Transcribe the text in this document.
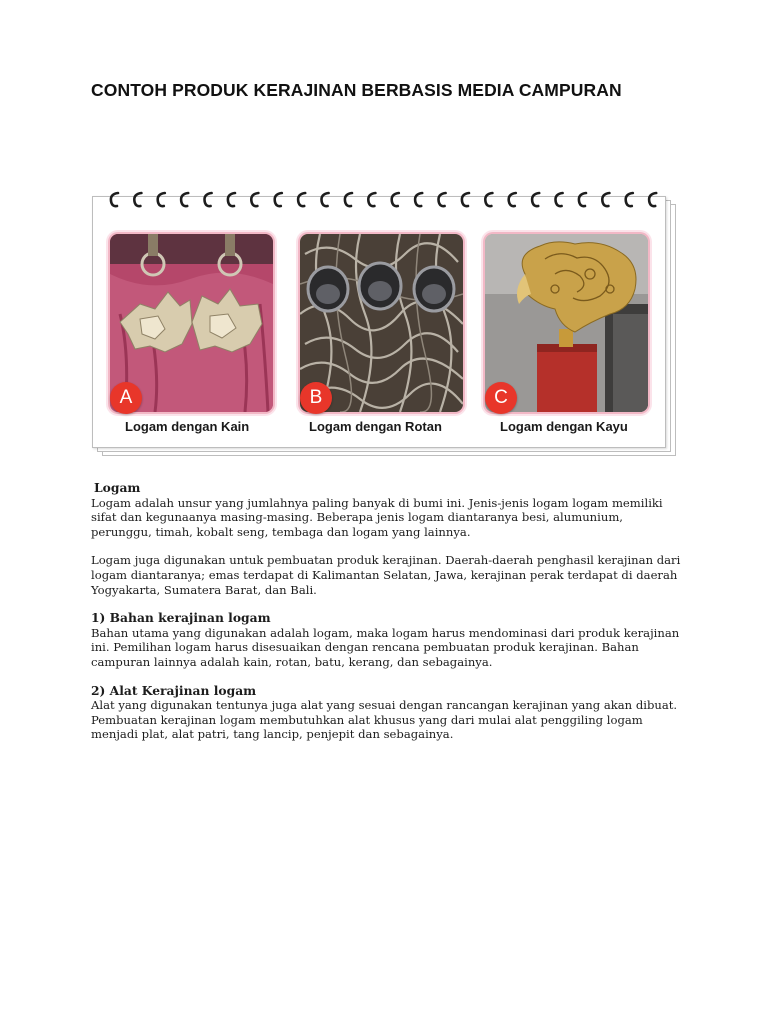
CONTOH PRODUK KERAJINAN BERBASIS MEDIA CAMPURAN
A
Logam dengan Kain
B
Logam dengan Rotan
C
Logam dengan Kayu

Logam
Logam adalah unsur yang jumlahnya paling banyak di bumi ini. Jenis-jenis logam logam memiliki
sifat dan kegunaanya masing-masing. Beberapa jenis logam diantaranya besi, alumunium,
perunggu, timah, kobalt seng, tembaga dan logam yang lainnya.

Logam juga digunakan untuk pembuatan produk kerajinan. Daerah-daerah penghasil kerajinan dari
logam diantaranya; emas terdapat di Kalimantan Selatan, Jawa, kerajinan perak terdapat di daerah
Yogyakarta, Sumatera Barat, dan Bali.

1) Bahan kerajinan logam
Bahan utama yang digunakan adalah logam, maka logam harus mendominasi dari produk kerajinan
ini. Pemilihan logam harus disesuaikan dengan rencana pembuatan produk kerajinan. Bahan
campuran lainnya adalah kain, rotan, batu, kerang, dan sebagainya.

2) Alat Kerajinan logam
Alat yang digunakan tentunya juga alat yang sesuai dengan rancangan kerajinan yang akan dibuat.
Pembuatan kerajinan logam membutuhkan alat khusus yang dari mulai alat penggiling logam
menjadi plat, alat patri, tang lancip, penjepit dan sebagainya.
